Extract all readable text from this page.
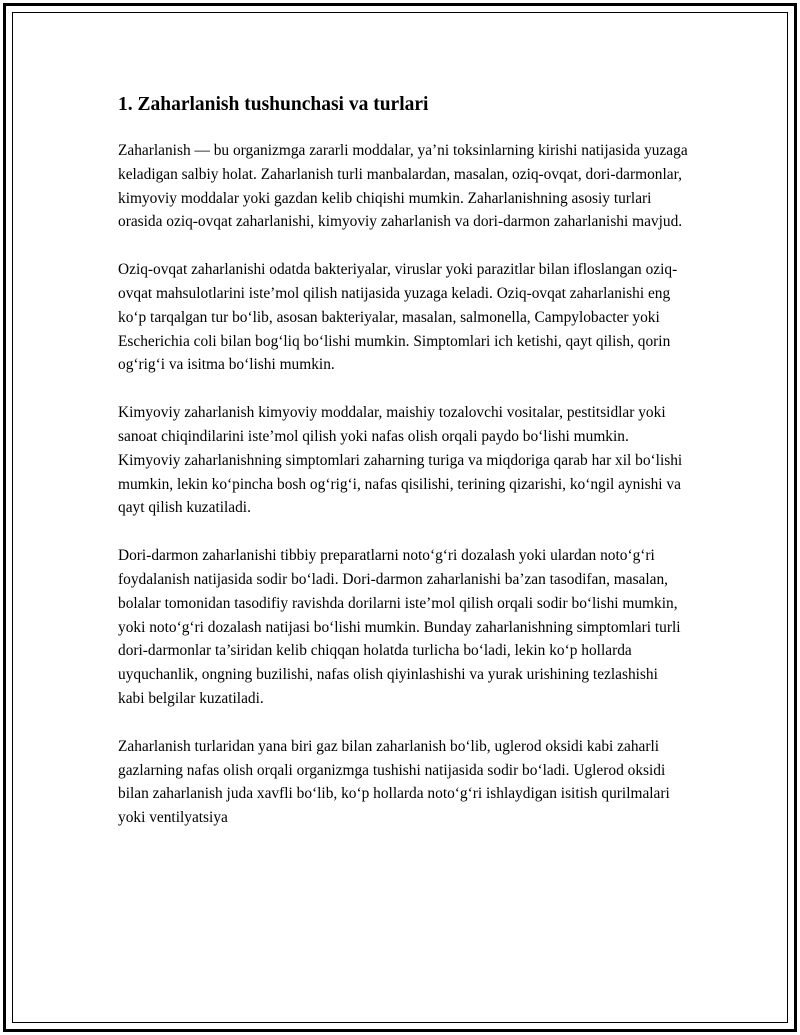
1. Zaharlanish tushunchasi va turlari

Zaharlanish — bu organizmga zararli moddalar, ya’ni toksinlarning kirishi natijasida yuzaga keladigan salbiy holat. Zaharlanish turli manbalardan, masalan, oziq-ovqat, dori-darmonlar, kimyoviy moddalar yoki gazdan kelib chiqishi mumkin. Zaharlanishning asosiy turlari orasida oziq-ovqat zaharlanishi, kimyoviy zaharlanish va dori-darmon zaharlanishi mavjud.

Oziq-ovqat zaharlanishi odatda bakteriyalar, viruslar yoki parazitlar bilan ifloslangan oziq-ovqat mahsulotlarini iste’mol qilish natijasida yuzaga keladi. Oziq-ovqat zaharlanishi eng koʻp tarqalgan tur boʻlib, asosan bakteriyalar, masalan, salmonella, Campylobacter yoki Escherichia coli bilan bogʻliq boʻlishi mumkin. Simptomlari ich ketishi, qayt qilish, qorin ogʻrigʻi va isitma boʻlishi mumkin.

Kimyoviy zaharlanish kimyoviy moddalar, maishiy tozalovchi vositalar, pestitsidlar yoki sanoat chiqindilarini iste’mol qilish yoki nafas olish orqali paydo boʻlishi mumkin. Kimyoviy zaharlanishning simptomlari zaharning turiga va miqdoriga qarab har xil boʻlishi mumkin, lekin koʻpincha bosh ogʻrigʻi, nafas qisilishi, terining qizarishi, koʻngil aynishi va qayt qilish kuzatiladi.

Dori-darmon zaharlanishi tibbiy preparatlarni notoʻgʻri dozalash yoki ulardan notoʻgʻri foydalanish natijasida sodir boʻladi. Dori-darmon zaharlanishi ba’zan tasodifan, masalan, bolalar tomonidan tasodifiy ravishda dorilarni iste’mol qilish orqali sodir boʻlishi mumkin, yoki notoʻgʻri dozalash natijasi boʻlishi mumkin. Bunday zaharlanishning simptomlari turli dori-darmonlar ta’siridan kelib chiqqan holatda turlicha boʻladi, lekin koʻp hollarda uyquchanlik, ongning buzilishi, nafas olish qiyinlashishi va yurak urishining tezlashishi kabi belgilar kuzatiladi.

Zaharlanish turlaridan yana biri gaz bilan zaharlanish boʻlib, uglerod oksidi kabi zaharli gazlarning nafas olish orqali organizmga tushishi natijasida sodir boʻladi. Uglerod oksidi bilan zaharlanish juda xavfli boʻlib, koʻp hollarda notoʻgʻri ishlaydigan isitish qurilmalari yoki ventilyatsiya
